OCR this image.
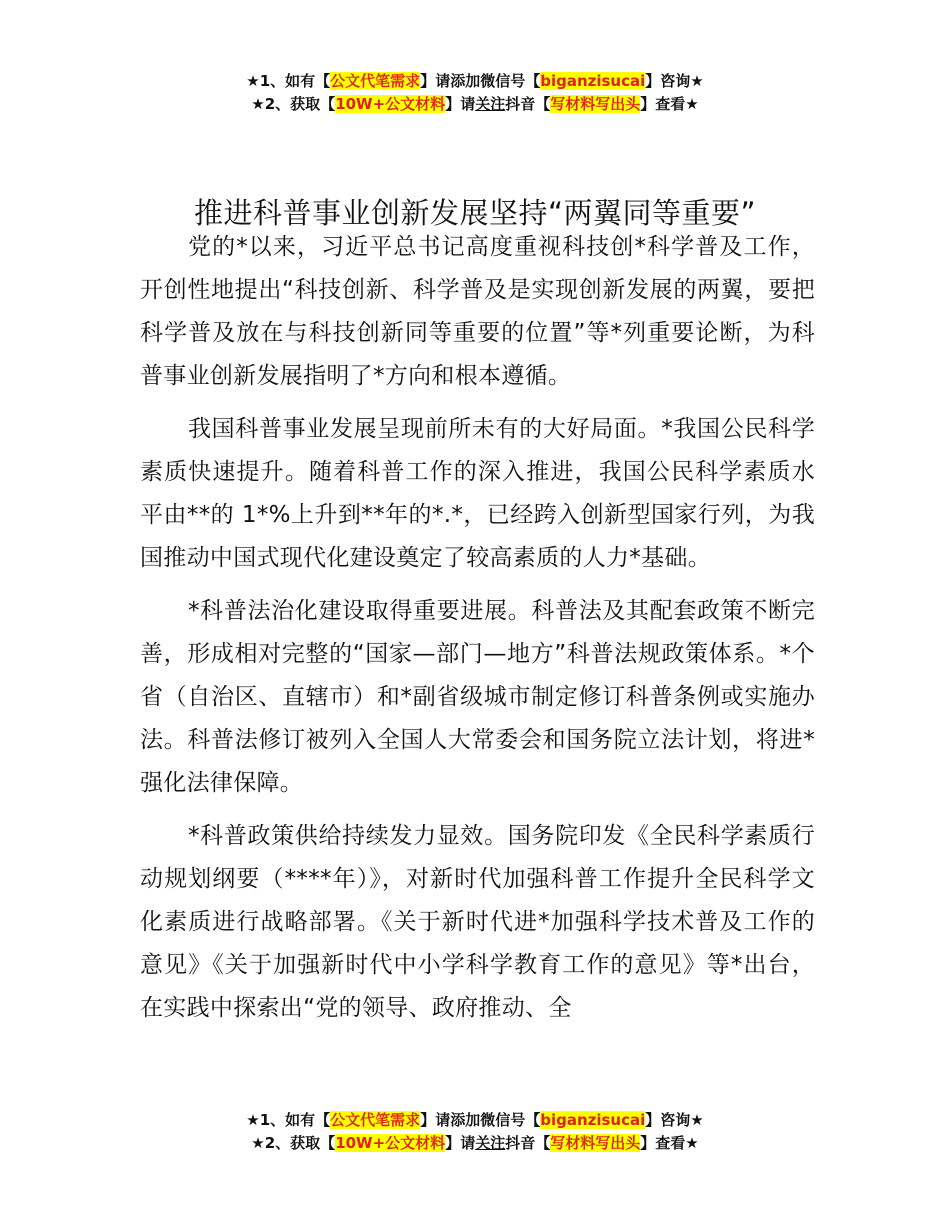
★1、如有【公文代笔需求】请添加微信号【biganzisucai】咨询★
★2、获取【10W+公文材料】请关注抖音【写材料写出头】查看★
推进科普事业创新发展坚持“两翼同等重要”

党的*以来，习近平总书记高度重视科技创*科学普及工作，开创性地提出“科技创新、科学普及是实现创新发展的两翼，要把科学普及放在与科技创新同等重要的位置”等*列重要论断，为科普事业创新发展指明了*方向和根本遵循。

我国科普事业发展呈现前所未有的大好局面。*我国公民科学素质快速提升。随着科普工作的深入推进，我国公民科学素质水平由**的 1*%上升到**年的*.*，已经跨入创新型国家行列，为我国推动中国式现代化建设奠定了较高素质的人力*基础。

*科普法治化建设取得重要进展。科普法及其配套政策不断完善，形成相对完整的“国家—部门—地方”科普法规政策体系。*个省（自治区、直辖市）和*副省级城市制定修订科普条例或实施办法。科普法修订被列入全国人大常委会和国务院立法计划，将进*强化法律保障。

*科普政策供给持续发力显效。国务院印发《全民科学素质行动规划纲要（****年）》，对新时代加强科普工作提升全民科学文化素质进行战略部署。《关于新时代进*加强科学技术普及工作的意见》《关于加强新时代中小学科学教育工作的意见》等*出台，在实践中探索出“党的领导、政府推动、全

★1、如有【公文代笔需求】请添加微信号【biganzisucai】咨询★
★2、获取【10W+公文材料】请关注抖音【写材料写出头】查看★
